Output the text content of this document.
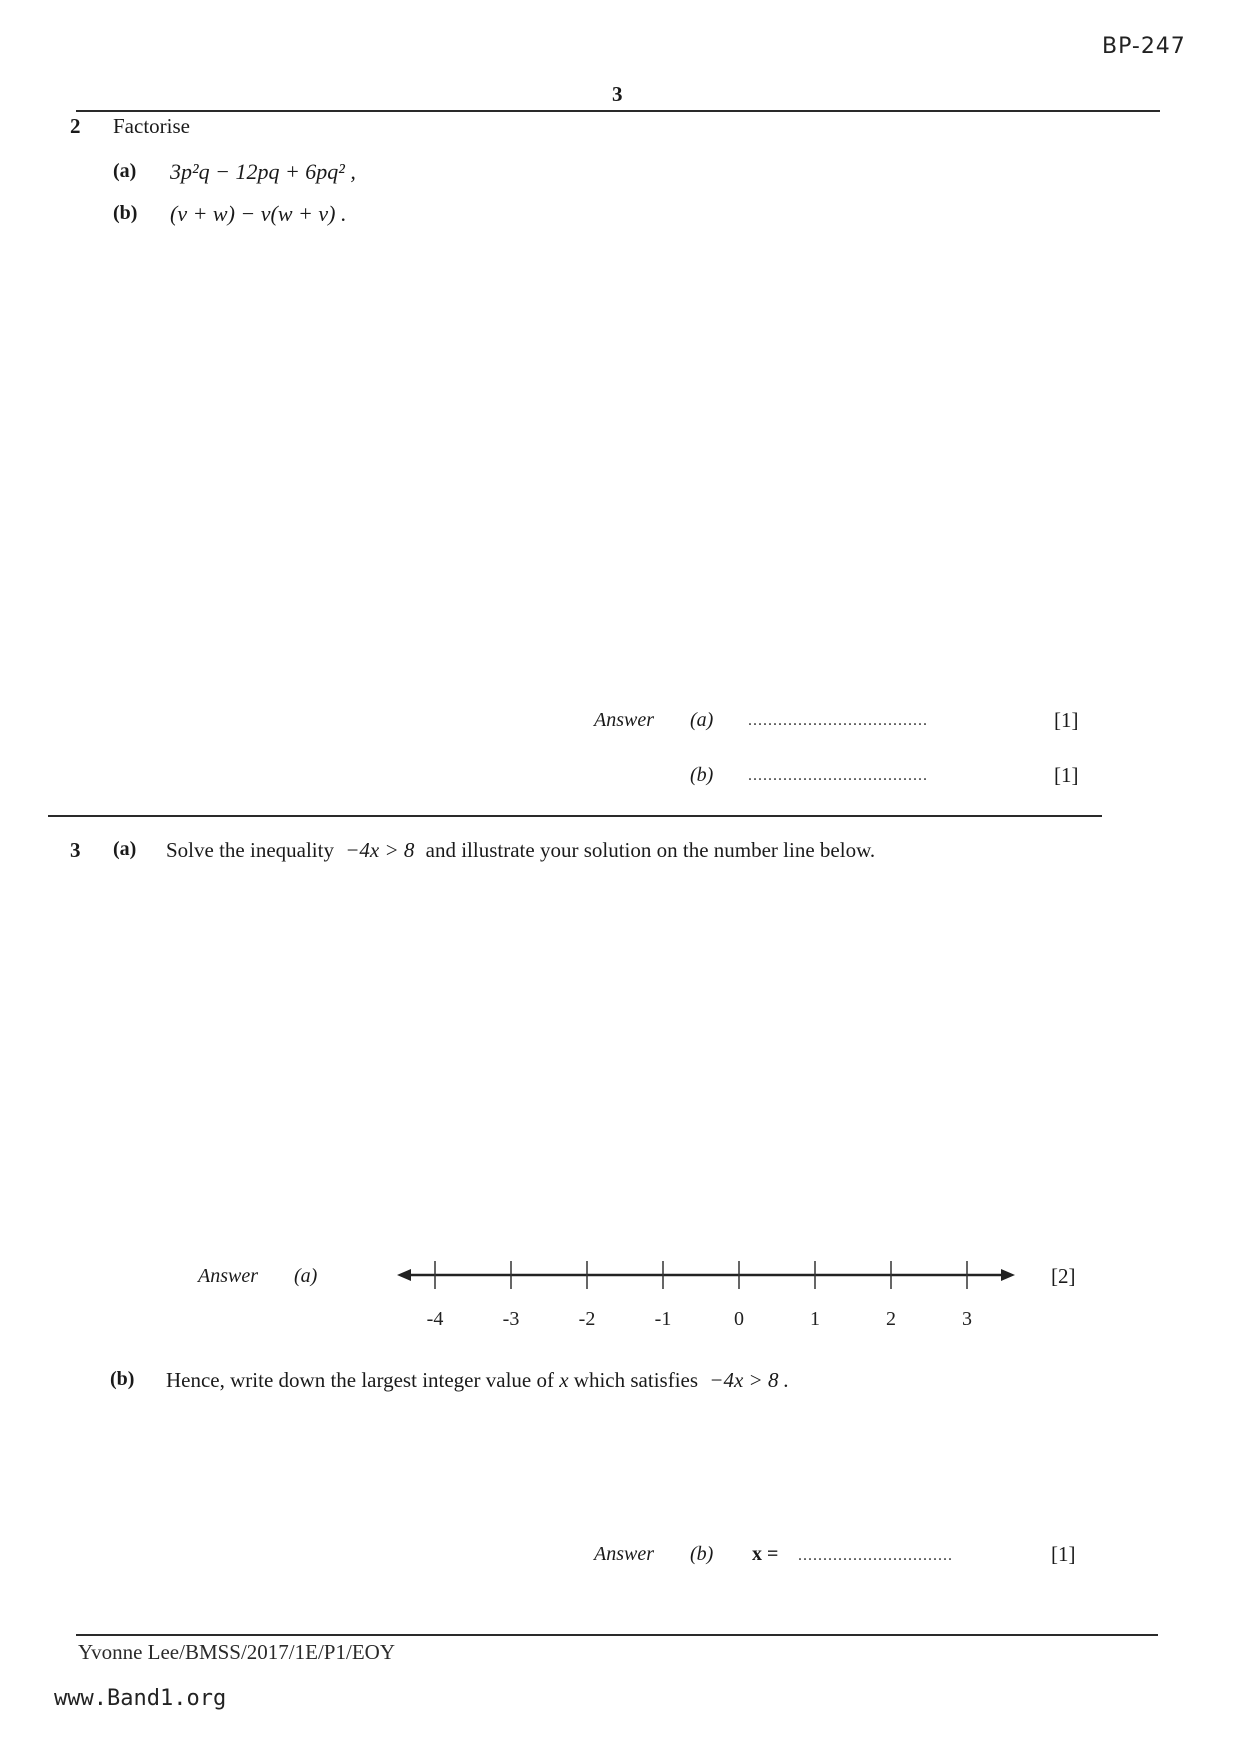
BP-247
3
2 Factorise
(a) 3p²q − 12pq + 6pq² ,
(b) (v + w) − v(w + v) .
Answer (a) ....................................	[1]
(b) ....................................	[1]
3 (a) Solve the inequality −4x > 8 and illustrate your solution on the number line below.
Answer (a)
-4	-3	-2	-1	0	1	2	3
[2]
(b) Hence, write down the largest integer value of x which satisfies −4x > 8 .
Answer (b) x = ...............................	[1]
Yvonne Lee/BMSS/2017/1E/P1/EOY
www.Band1.org
